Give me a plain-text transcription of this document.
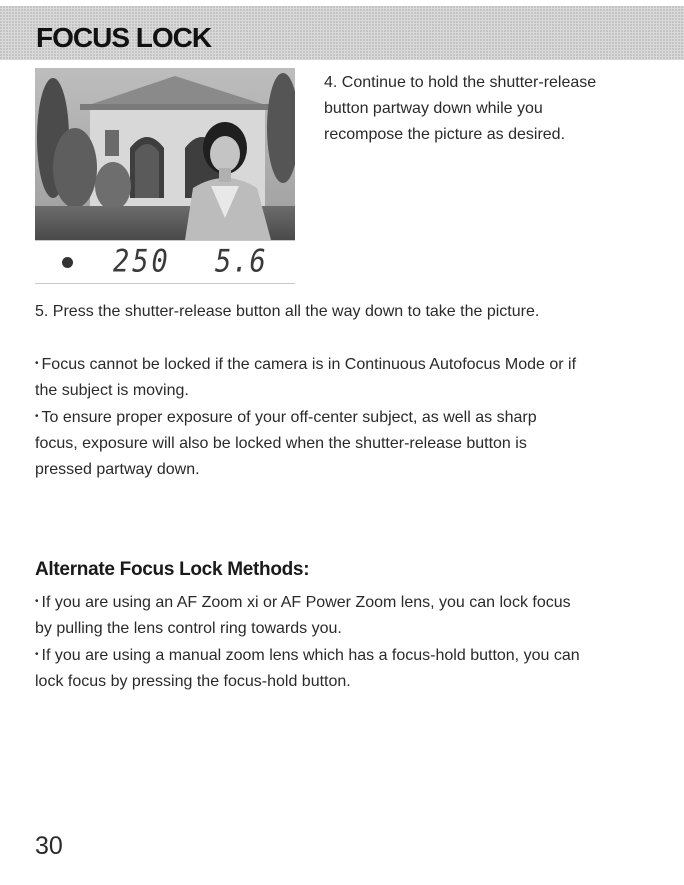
FOCUS LOCK
250 5.6
4. Continue to hold the shutter-release
button partway down while you
recompose the picture as desired.
5. Press the shutter-release button all the way down to take the picture.
• Focus cannot be locked if the camera is in Continuous Autofocus Mode or if
the subject is moving.
• To ensure proper exposure of your off-center subject, as well as sharp
focus, exposure will also be locked when the shutter-release button is
pressed partway down.
Alternate Focus Lock Methods:
• If you are using an AF Zoom xi or AF Power Zoom lens, you can lock focus
by pulling the lens control ring towards you.
• If you are using a manual zoom lens which has a focus-hold button, you can
lock focus by pressing the focus-hold button.
30
